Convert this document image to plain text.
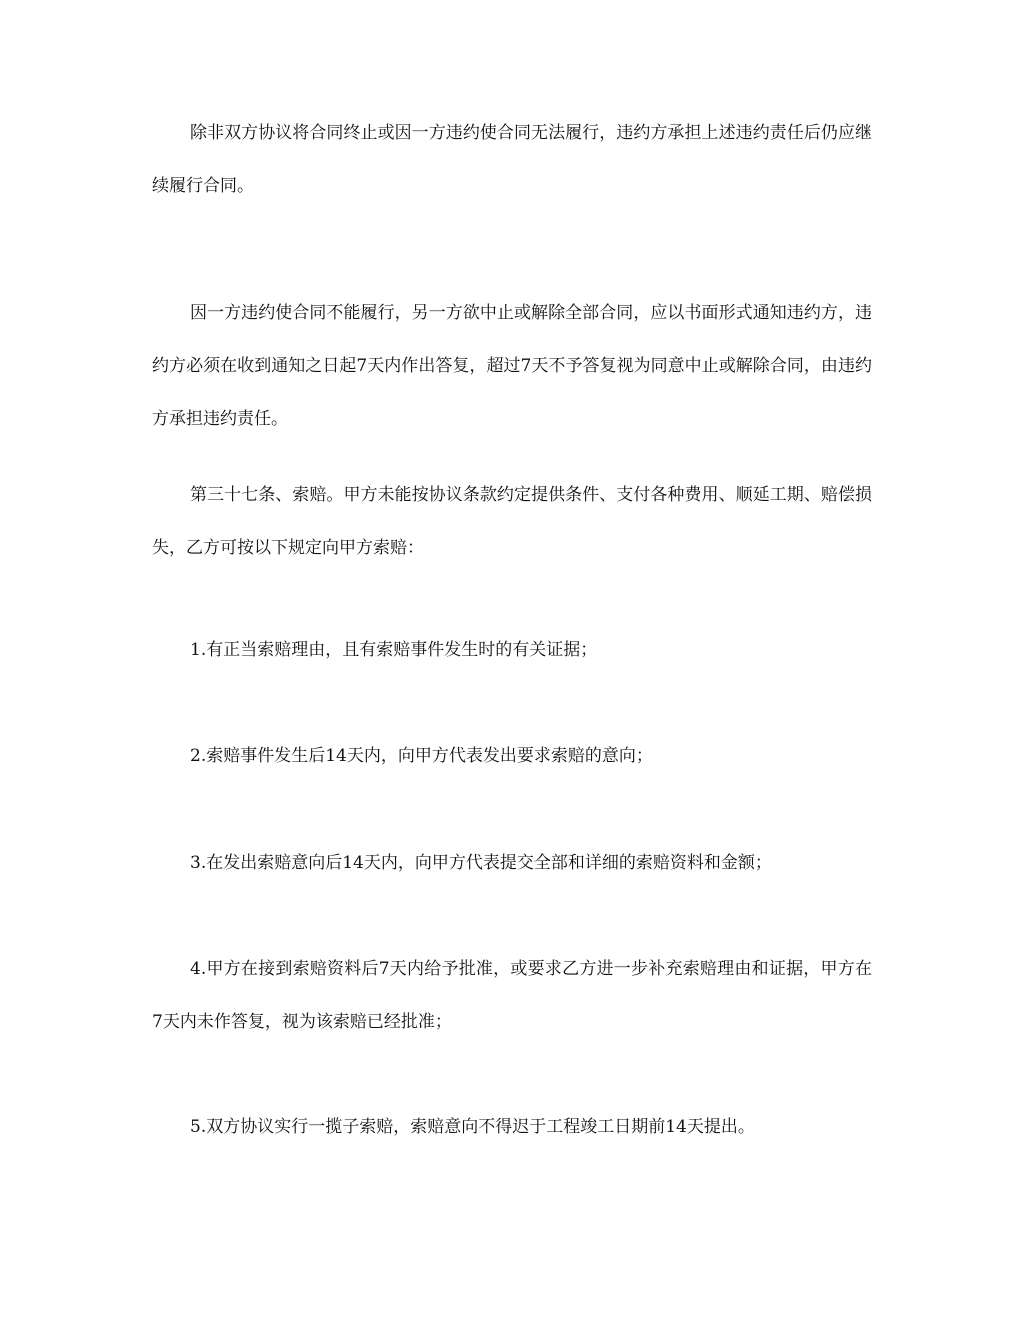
除非双方协议将合同终止或因一方违约使合同无法履行，违约方承担上述违约责任后仍应继续履行合同。

因一方违约使合同不能履行，另一方欲中止或解除全部合同，应以书面形式通知违约方，违约方必须在收到通知之日起7天内作出答复，超过7天不予答复视为同意中止或解除合同，由违约方承担违约责任。

第三十七条、索赔。甲方未能按协议条款约定提供条件、支付各种费用、顺延工期、赔偿损失，乙方可按以下规定向甲方索赔：

1.有正当索赔理由，且有索赔事件发生时的有关证据；

2.索赔事件发生后14天内，向甲方代表发出要求索赔的意向；

3.在发出索赔意向后14天内，向甲方代表提交全部和详细的索赔资料和金额；

4.甲方在接到索赔资料后7天内给予批准，或要求乙方进一步补充索赔理由和证据，甲方在7天内未作答复，视为该索赔已经批准；

5.双方协议实行一揽子索赔，索赔意向不得迟于工程竣工日期前14天提出。
